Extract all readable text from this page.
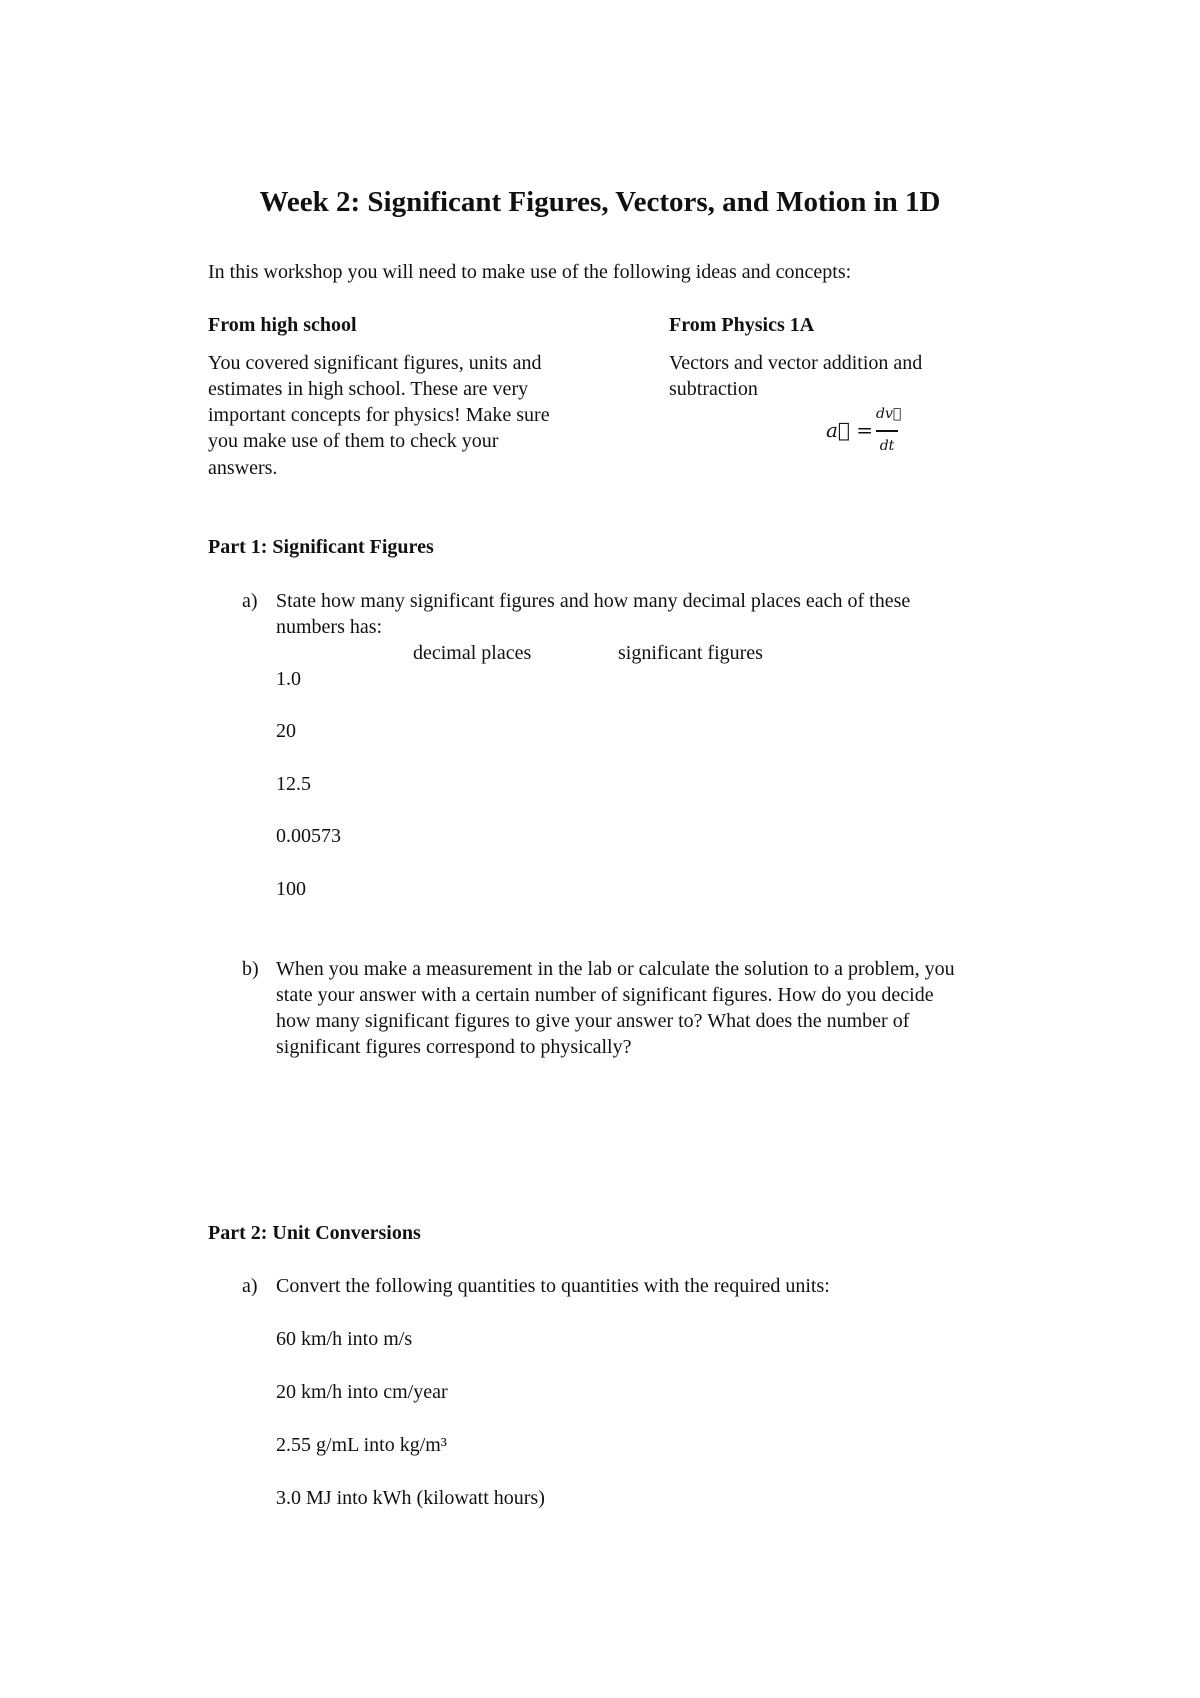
Week 2: Significant Figures, Vectors, and Motion in 1D
In this workshop you will need to make use of the following ideas and concepts:
From high school
You covered significant figures, units and
estimates in high school. These are very
important concepts for physics! Make sure
you make use of them to check your
answers.
From Physics 1A
Vectors and vector addition and
subtraction
a⃗ =
dv⃗
dt
Part 1: Significant Figures
a) State how many significant figures and how many decimal places each of these
numbers has:
decimal places	significant figures
1.0
20
12.5
0.00573
100
b) When you make a measurement in the lab or calculate the solution to a problem, you
state your answer with a certain number of significant figures. How do you decide
how many significant figures to give your answer to? What does the number of
significant figures correspond to physically?
Part 2: Unit Conversions
a) Convert the following quantities to quantities with the required units:
60 km/h into m/s
20 km/h into cm/year
2.55 g/mL into kg/m³
3.0 MJ into kWh (kilowatt hours)
